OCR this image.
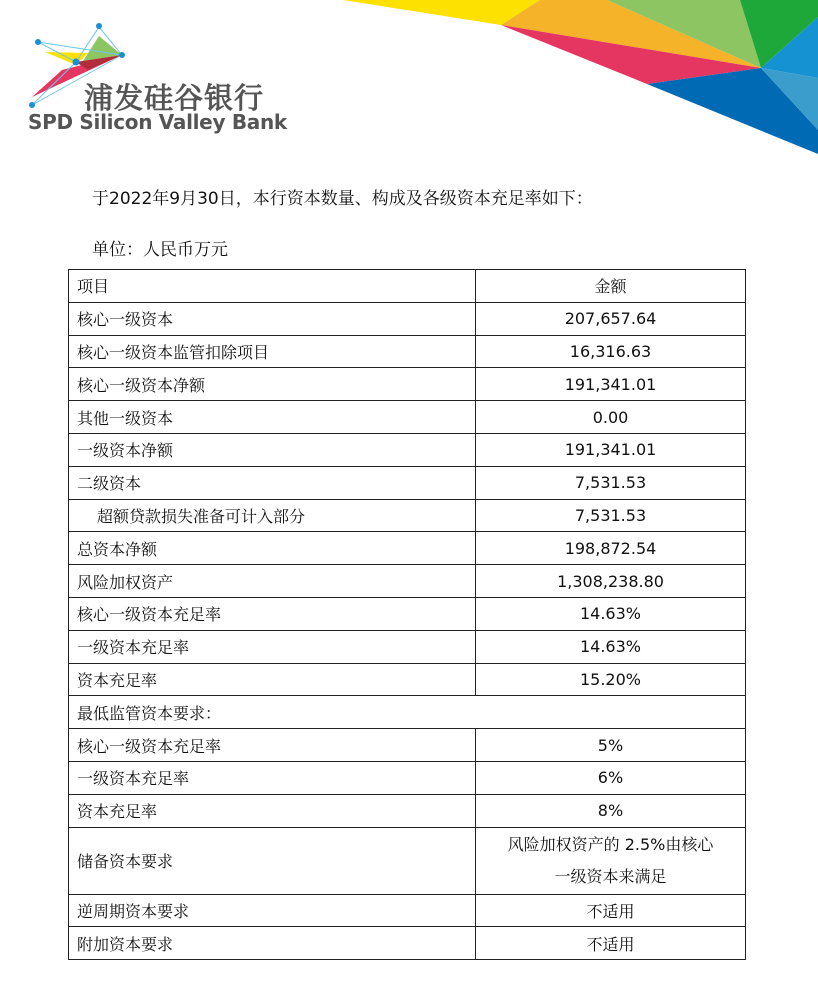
浦发硅谷银行
SPD Silicon Valley Bank
于2022年9月30日，本行资本数量、构成及各级资本充足率如下：
单位：人民币万元
项目	金额
核心一级资本	207,657.64
核心一级资本监管扣除项目	16,316.63
核心一级资本净额	191,341.01
其他一级资本	0.00
一级资本净额	191,341.01
二级资本	7,531.53
超额贷款损失准备可计入部分	7,531.53
总资本净额	198,872.54
风险加权资产	1,308,238.80
核心一级资本充足率	14.63%
一级资本充足率	14.63%
资本充足率	15.20%
最低监管资本要求：	
核心一级资本充足率	5%
一级资本充足率	6%
资本充足率	8%
储备资本要求	风险加权资产的 2.5%由核心
一级资本来满足

逆周期资本要求	不适用
附加资本要求	不适用
